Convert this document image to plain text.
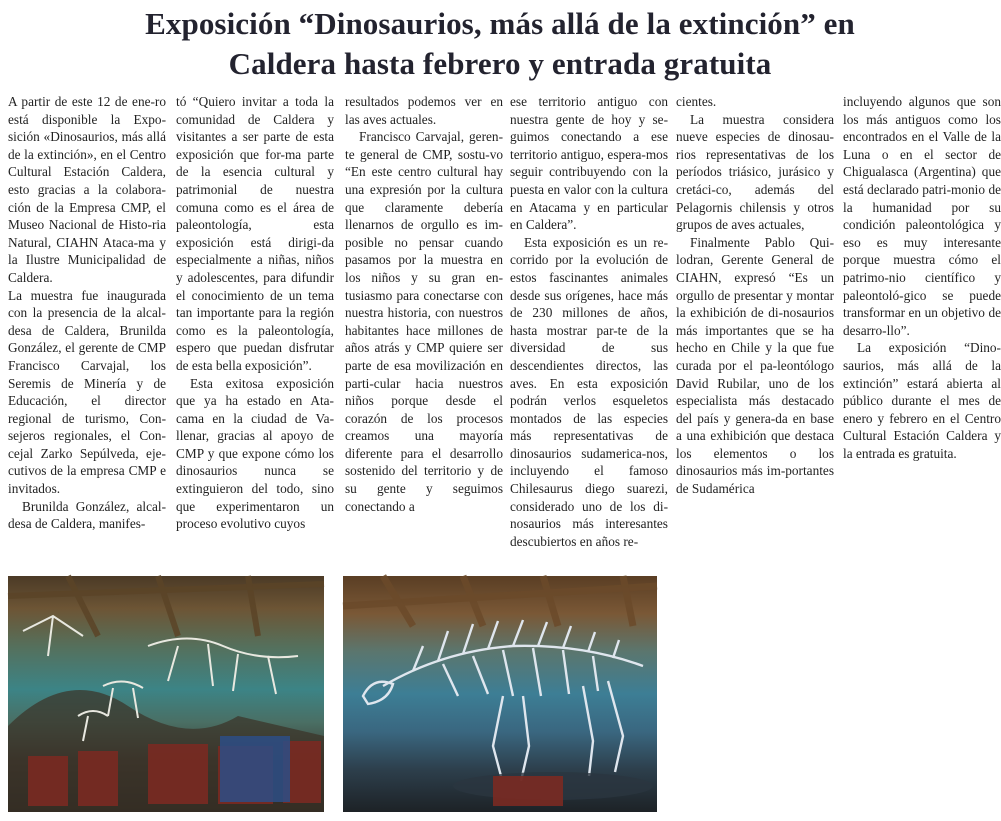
Exposición “Dinosaurios, más allá de la extinción” en
Caldera hasta febrero y entrada gratuita

A partir de este 12 de ene-ro está disponible la Expo-sición «Dinosaurios, más allá de la extinción», en el Centro Cultural Estación Caldera, esto gracias a la colabora-ción de la Empresa CMP, el Museo Nacional de Histo-ria Natural, CIAHN Ataca-ma y la Ilustre Municipalidad de Caldera.

La muestra fue inaugurada con la presencia de la alcal-desa de Caldera, Brunilda González, el gerente de CMP Francisco Carvajal, los Seremis de Minería y de Educación, el director regional de turismo, Con-sejeros regionales, el Con-cejal Zarko Sepúlveda, eje-cutivos de la empresa CMP e invitados.

Brunilda González, alcal-desa de Caldera, manifes-

tó “Quiero invitar a toda la comunidad de Caldera y visitantes a ser parte de esta exposición que for-ma parte de la esencia cultural y patrimonial de nuestra comuna como es el área de paleontología, esta exposición está dirigi-da especialmente a niñas, niños y adolescentes, para difundir el conocimiento de un tema tan importante para la región como es la paleontología, espero que puedan disfrutar de esta bella exposición”.

Esta exitosa exposición que ya ha estado en Ata-cama en la ciudad de Va-llenar, gracias al apoyo de CMP y que expone cómo los dinosaurios nunca se extinguieron del todo, sino que experimentaron un proceso evolutivo cuyos

resultados podemos ver en las aves actuales.

Francisco Carvajal, geren-te general de CMP, sostu-vo “En este centro cultural hay una expresión por la cultura que claramente debería llenarnos de orgullo es im-posible no pensar cuando pasamos por la muestra en los niños y su gran en-tusiasmo para conectarse con nuestra historia, con nuestros habitantes hace millones de años atrás y CMP quiere ser parte de esa movilización en parti-cular hacia nuestros niños porque desde el corazón de los procesos creamos una mayoría diferente para el desarrollo sostenido del territorio y de su gente y seguimos conectando a

ese territorio antiguo con nuestra gente de hoy y se-guimos conectando a ese territorio antiguo, espera-mos seguir contribuyendo con la puesta en valor con la cultura en Atacama y en particular en Caldera”.

Esta exposición es un re-corrido por la evolución de estos fascinantes animales desde sus orígenes, hace más de 230 millones de años, hasta mostrar par-te de la diversidad de sus descendientes directos, las aves. En esta exposición podrán verlos esqueletos montados de las especies más representativas de dinosaurios sudamerica-nos, incluyendo el famoso Chilesaurus diego suarezi, considerado uno de los di-nosaurios más interesantes descubiertos en años re-

cientes.

La muestra considera nueve especies de dinosau-rios representativas de los períodos triásico, jurásico y cretáci-co, además del Pelagornis chilensis y otros grupos de aves actuales,

Finalmente Pablo Qui-lodran, Gerente General de CIAHN, expresó “Es un orgullo de presentar y montar la exhibición de di-nosaurios más importantes que se ha hecho en Chile y la que fue curada por el pa-leontólogo David Rubilar, uno de los especialista más destacado del país y genera-da en base a una exhibición que destaca los elementos o los dinosaurios más im-portantes de Sudamérica

incluyendo algunos que son los más antiguos como los encontrados en el Valle de la Luna o en el sector de Chigualasca (Argentina) que está declarado patri-monio de la humanidad por su condición paleontológica y eso es muy interesante porque muestra cómo el patrimo-nio científico y paleontoló-gico se puede transformar en un objetivo de desarro-llo”.

La exposición “Dino-saurios, más allá de la extinción” estará abierta al público durante el mes de enero y febrero en el Centro Cultural Estación Caldera y la entrada es gratuita.
